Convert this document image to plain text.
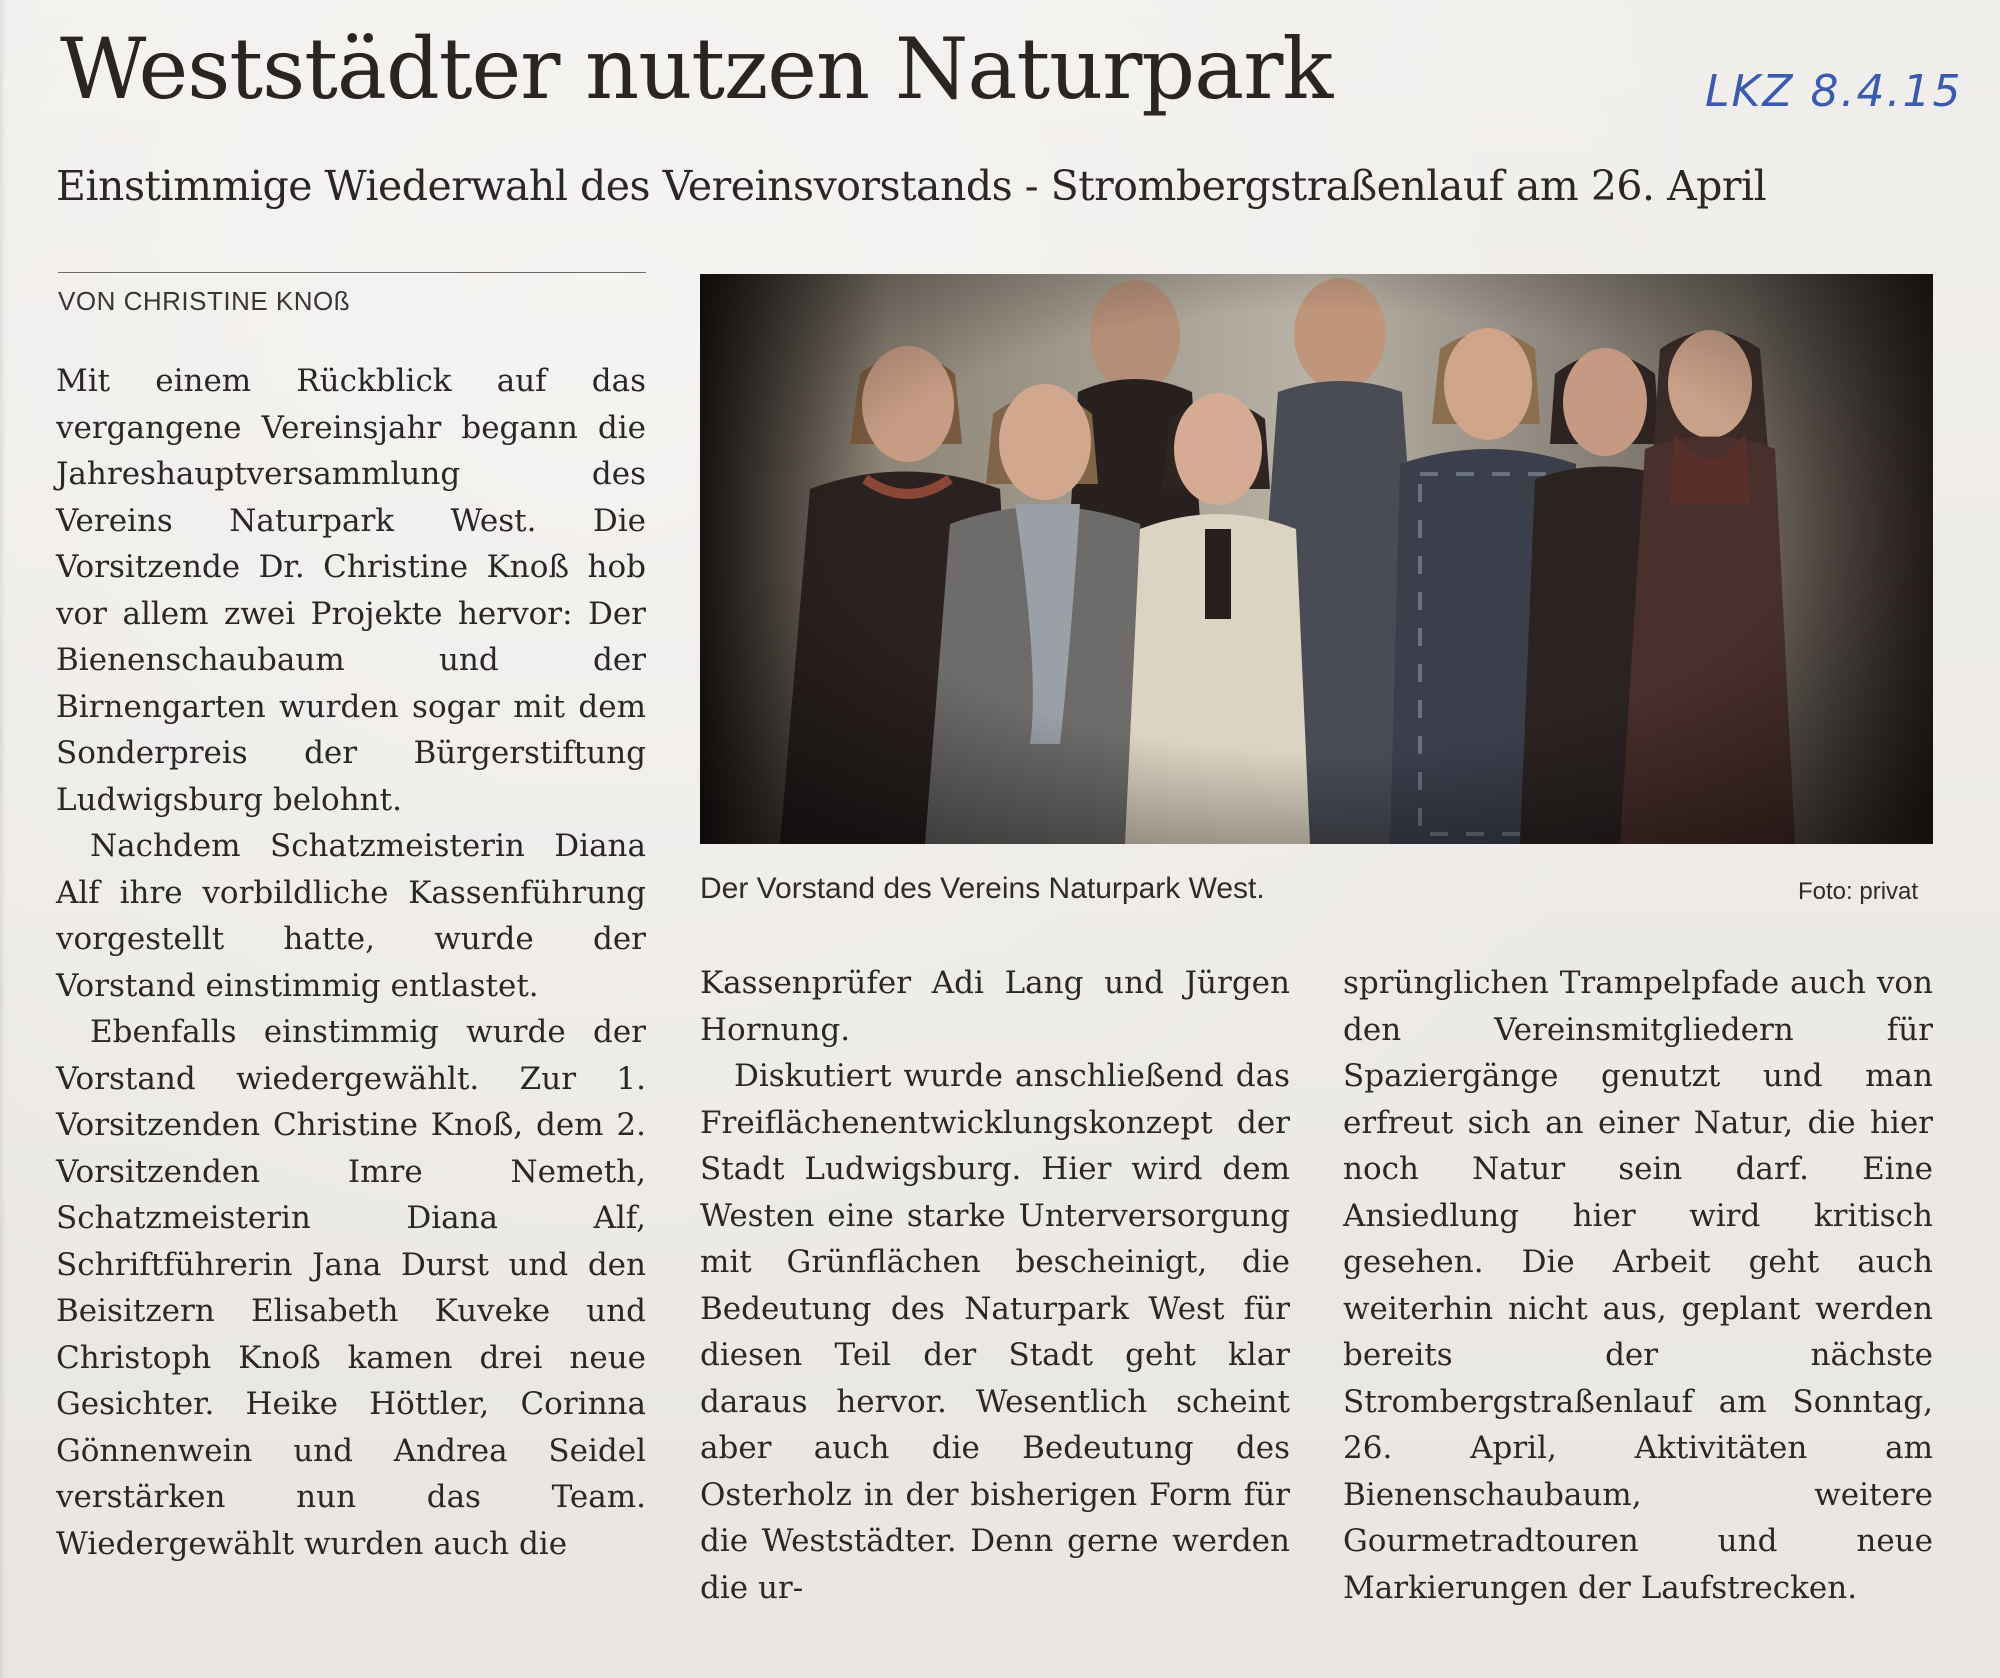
Weststädter nutzen Naturpark	LKZ 8.4.15
Einstimmige Wiederwahl des Vereinsvorstands - Strombergstraßenlauf am 26. April
VON CHRISTINE KNOß

Mit einem Rückblick auf das vergangene Vereinsjahr begann die Jahreshauptversammlung des Vereins Naturpark West. Die Vorsitzende Dr. Christine Knoß hob vor allem zwei Projekte hervor: Der Bienenschaubaum und der Birnengarten wurden sogar mit dem Sonderpreis der Bürgerstiftung Ludwigsburg belohnt.

Nachdem Schatzmeisterin Diana Alf ihre vorbildliche Kassenführung vorgestellt hatte, wurde der Vorstand einstimmig entlastet.

Ebenfalls einstimmig wurde der Vorstand wiedergewählt. Zur 1. Vorsitzenden Christine Knoß, dem 2. Vorsitzenden Imre Nemeth, Schatzmeisterin Diana Alf, Schriftführerin Jana Durst und den Beisitzern Elisabeth Kuveke und Christoph Knoß kamen drei neue Gesichter. Heike Höttler, Corinna Gönnenwein und Andrea Seidel verstärken nun das Team. Wiedergewählt wurden auch die

Der Vorstand des Vereins Naturpark West.	Foto: privat

Kassenprüfer Adi Lang und Jürgen Hornung.

Diskutiert wurde anschließend das Freiflächenentwicklungskonzept der Stadt Ludwigsburg. Hier wird dem Westen eine starke Unterversorgung mit Grünflächen bescheinigt, die Bedeutung des Naturpark West für diesen Teil der Stadt geht klar daraus hervor. Wesentlich scheint aber auch die Bedeutung des Osterholz in der bisherigen Form für die Weststädter. Denn gerne werden die ur-

sprünglichen Trampelpfade auch von den Vereinsmitgliedern für Spaziergänge genutzt und man erfreut sich an einer Natur, die hier noch Natur sein darf. Eine Ansiedlung hier wird kritisch gesehen. Die Arbeit geht auch weiterhin nicht aus, geplant werden bereits der nächste Strombergstraßenlauf am Sonntag, 26. April, Aktivitäten am Bienenschaubaum, weitere Gourmetradtouren und neue Markierungen der Laufstrecken.
